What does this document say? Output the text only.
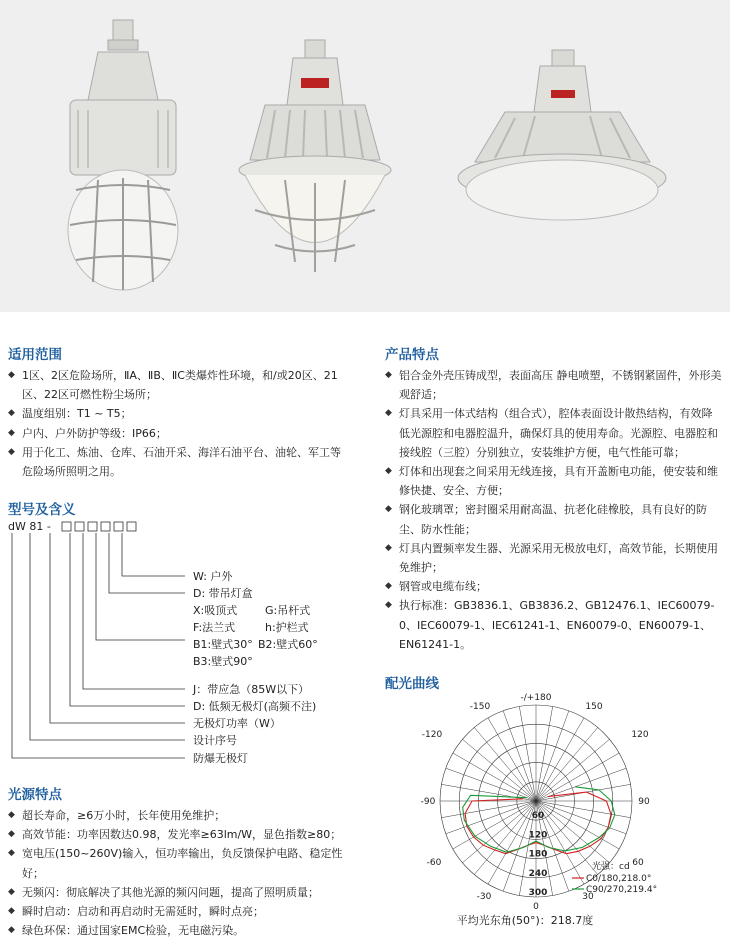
适用范围
◆ 1区、2区危险场所，ⅡA、ⅡB、ⅡC类爆炸性环境，和/或20区、21区、22区可燃性粉尘场所；
◆ 温度组别：T1 ~ T5；
◆ 户内、户外防护等级：IP66；
◆ 用于化工、炼油、仓库、石油开采、海洋石油平台、油轮、军工等危险场所照明之用。
型号及含义
dW 81 -
W: 户外
D: 带吊灯盒
X:吸顶式	G:吊杆式
F:法兰式	h:护栏式
B1:壁式30° B2:壁式60°
B3:壁式90°
J：带应急（85W以下）
D: 低频无极灯(高频不注)
无极灯功率（W）
设计序号
防爆无极灯
光源特点
◆ 超长寿命，≥6万小时，长年使用免维护；
◆ 高效节能：功率因数达0.98，发光率≥63lm/W，显色指数≥80；
◆ 宽电压(150~260V)输入，恒功率输出，负反馈保护电路、稳定性好；
◆ 无频闪：彻底解决了其他光源的频闪问题，提高了照明质量；
◆ 瞬时启动：启动和再启动时无需延时，瞬时点亮；
◆ 绿色环保：通过国家EMC检验，无电磁污染。
产品特点
◆ 铝合金外壳压铸成型，表面高压 静电喷塑，不锈钢紧固件，外形美观舒适；
◆ 灯具采用一体式结构（组合式），腔体表面设计散热结构，有效降低光源腔和电器腔温升，确保灯具的使用寿命。光源腔、电器腔和接线腔（三腔）分别独立，安装维护方便，电气性能可靠；
◆ 灯体和出现套之间采用无线连接，具有开盖断电功能，使安装和维修快捷、安全、方便；
◆ 钢化玻璃罩；密封圈采用耐高温、抗老化硅橡胶，具有良好的防尘、防水性能；
◆ 灯具内置频率发生器、光源采用无极放电灯，高效节能，长期使用免维护；
◆ 钢管或电缆布线；
◆ 执行标准：GB3836.1、GB3836.2、GB12476.1、IEC60079-0、IEC60079-1、IEC61241-1、EN60079-0、EN60079-1、EN61241-1。
配光曲线
-/+180
-150	150
-120	120
-90	90
-60	60
-30	30
0
60
120
180
240
300
光强：cd
C0/180,218.0°
C90/270,219.4°
平均光东角(50°)：218.7度
